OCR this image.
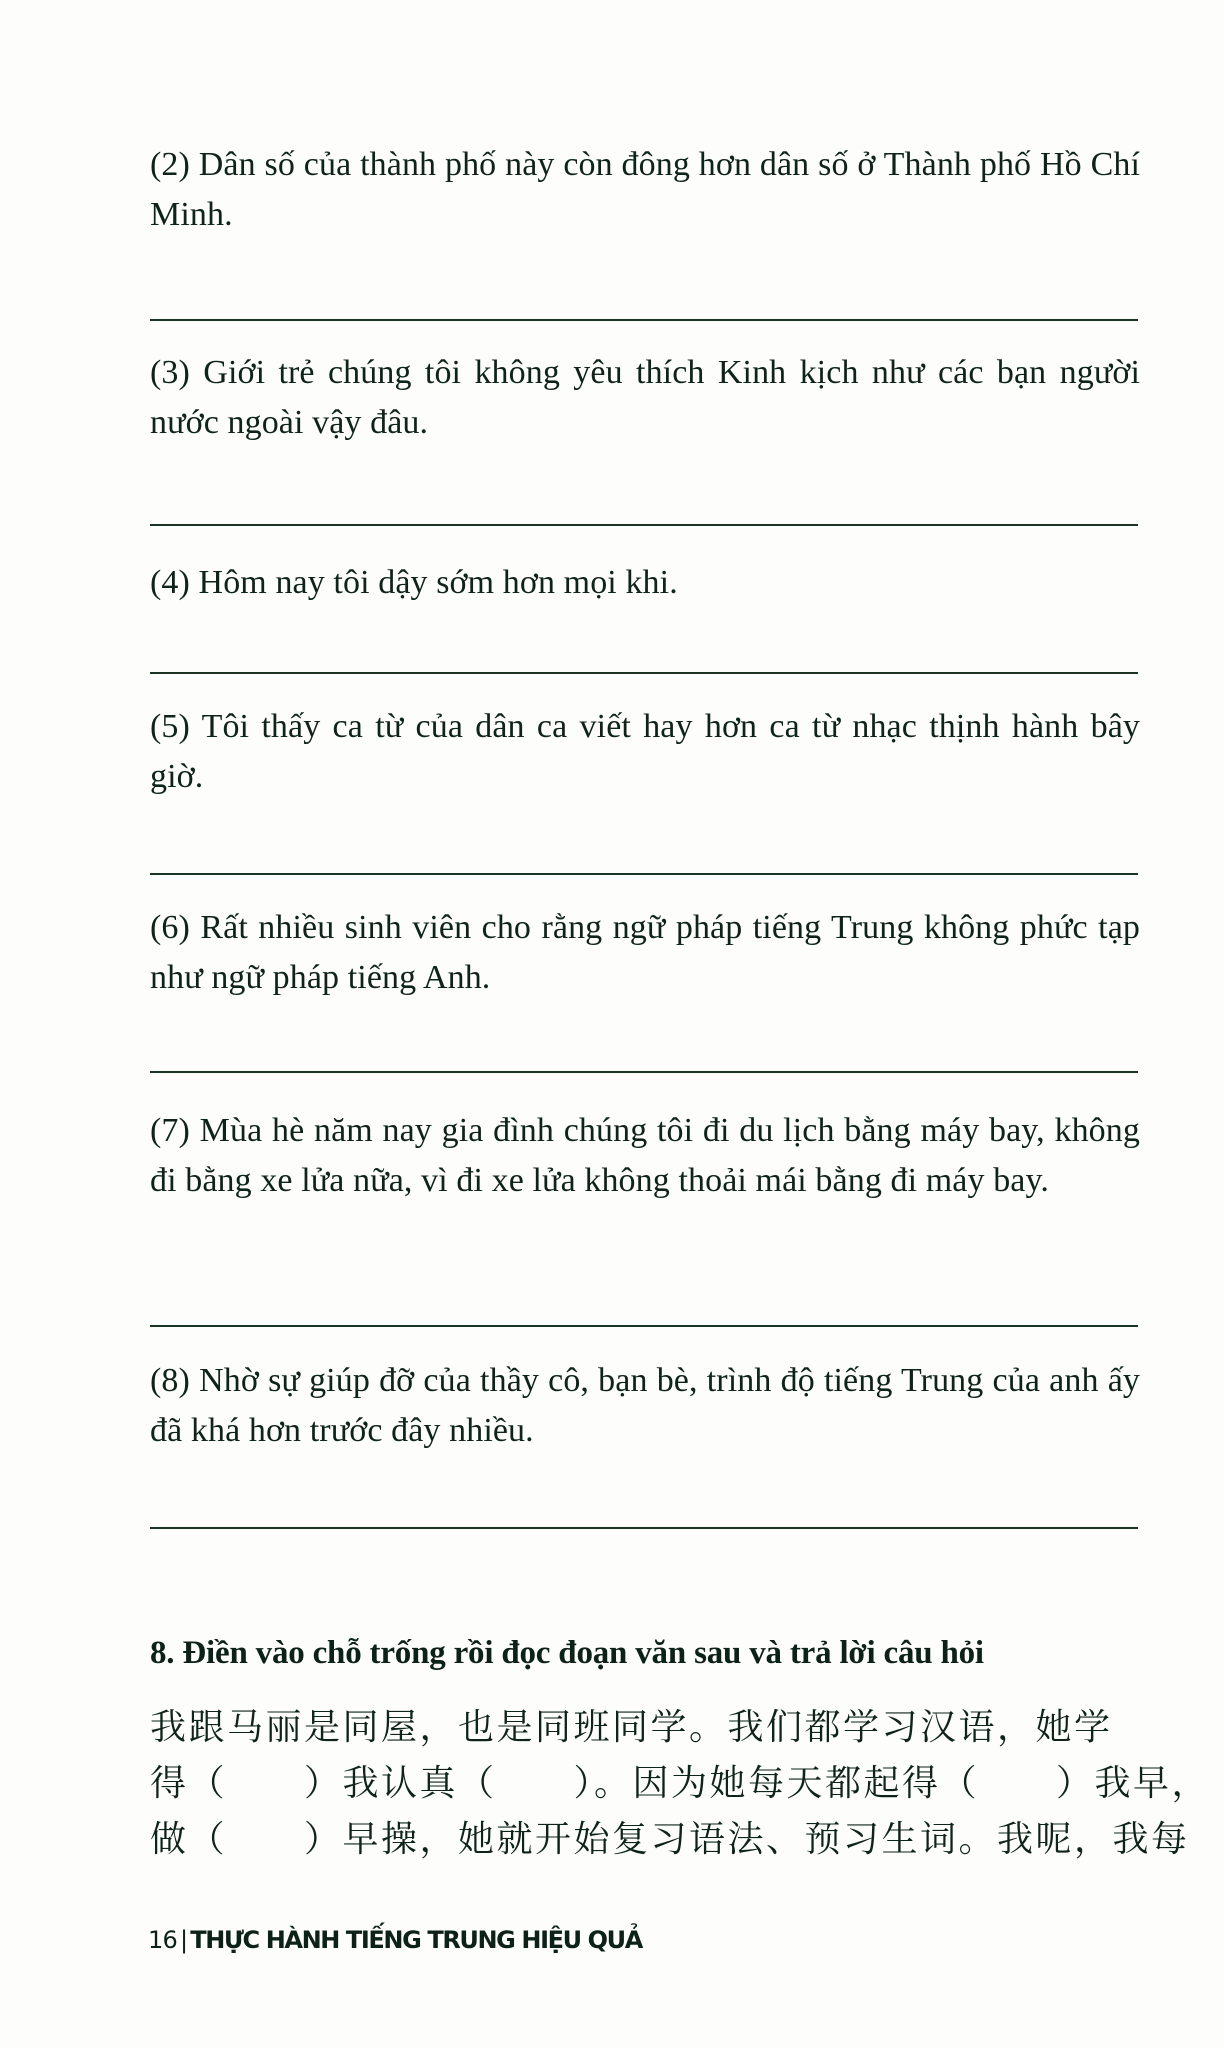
(2) Dân số của thành phố này còn đông hơn dân số ở Thành phố Hồ Chí Minh.
(3) Giới trẻ chúng tôi không yêu thích Kinh kịch như các bạn người nước ngoài vậy đâu.
(4) Hôm nay tôi dậy sớm hơn mọi khi.
(5) Tôi thấy ca từ của dân ca viết hay hơn ca từ nhạc thịnh hành bây giờ.
(6) Rất nhiều sinh viên cho rằng ngữ pháp tiếng Trung không phức tạp như ngữ pháp tiếng Anh.
(7) Mùa hè năm nay gia đình chúng tôi đi du lịch bằng máy bay, không đi bằng xe lửa nữa, vì đi xe lửa không thoải mái bằng đi máy bay.
(8) Nhờ sự giúp đỡ của thầy cô, bạn bè, trình độ tiếng Trung của anh ấy đã khá hơn trước đây nhiều.
8. Điền vào chỗ trống rồi đọc đoạn văn sau và trả lời câu hỏi
我跟马丽是同屋，也是同班同学。我们都学习汉语，她学
得（　　）我认真（　　）。因为她每天都起得（　　）我早，
做（　　）早操，她就开始复习语法、预习生词。我呢，我每
16 | THỰC HÀNH TIẾNG TRUNG HIỆU QUẢ
